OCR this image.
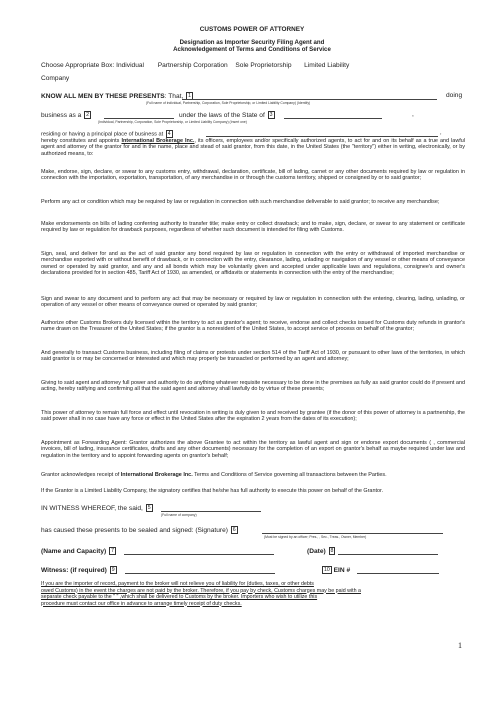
CUSTOMS POWER OF ATTORNEY
Designation as Importer Security Filing Agent and
Acknowledgement of Terms and Conditions of Service
Choose Appropriate Box: Individual Partnership Corporation Sole Proprietorship Limited Liability
Company
KNOW ALL MEN BY THESE PRESENTS: That, 1	doing
(Full name of individual, Partnership, Corporation, Sole Proprietorship, or Limited Liability Company) (Identify)
business as a 2	under the laws of the State of 3	,
(Individual, Partnership, Corporation, Sole Proprietorship, or Limited Liability Company) (Insert one)
residing or having a principal place of business at 4	,
hereby constitutes and appoints International Brokerage Inc., its officers, employees and/or specifically authorized agents, to act for and on its behalf as a true and lawful agent and attorney of the grantor for and in the name, place and stead of said grantor, from this date, in the United States (the "territory") either in writing, electronically, or by authorized means, to:
Make, endorse, sign, declare, or swear to any customs entry, withdrawal, declaration, certificate, bill of lading, carnet or any other documents required by law or regulation in connection with the importation, exportation, transportation, of any merchandise in or through the customs territory, shipped or consigned by or to said grantor;
Perform any act or condition which may be required by law or regulation in connection with such merchandise deliverable to said grantor; to receive any merchandise;
Make endorsements on bills of lading conferring authority to transfer title; make entry or collect drawback; and to make, sign, declare, or swear to any statement or certificate required by law or regulation for drawback purposes, regardless of whether such document is intended for filing with Customs.
Sign, seal, and deliver for and as the act of said grantor any bond required by law or regulation in connection with the entry or withdrawal of imported merchandise or merchandise exported with or without benefit of drawback, or in connection with the entry, clearance, lading, unlading or navigation of any vessel or other means of conveyance owned or operated by said grantor, and any and all bonds which may be voluntarily given and accepted under applicable laws and regulations, consignee's and owner's declarations provided for in section 485, Tariff Act of 1930, as amended, or affidavits or statements in connection with the entry of the merchandise;
Sign and swear to any document and to perform any act that may be necessary or required by law or regulation in connection with the entering, clearing, lading, unlading, or operation of any vessel or other means of conveyance owned or operated by said grantor;
Authorize other Customs Brokers duly licensed within the territory to act as grantor's agent; to receive, endorse and collect checks issued for Customs duty refunds in grantor's name drawn on the Treasurer of the United States; if the grantor is a nonresident of the United States, to accept service of process on behalf of the grantor;
And generally to transact Customs business, including filing of claims or protests under section 514 of the Tariff Act of 1930, or pursuant to other laws of the territories, in which said grantor is or may be concerned or interested and which may properly be transacted or performed by an agent and attorney;
Giving to said agent and attorney full power and authority to do anything whatever requisite necessary to be done in the premises as fully as said grantor could do if present and acting, hereby ratifying and confirming all that the said agent and attorney shall lawfully do by virtue of these presents;
This power of attorney to remain full force and effect until revocation in writing is duly given to and received by grantee (if the donor of this power of attorney is a partnership, the said power shall in no case have any force or effect in the United States after the expiration 2 years from the dates of its execution);
Appointment as Forwarding Agent: Grantor authorizes the above Grantee to act within the territory as lawful agent and sign or endorse export documents ( , commercial invoices, bill of lading, insurance certificates, drafts and any other documents) necessary for the completion of an export on grantor's behalf as maybe required under law and regulation in the territory and to appoint forwarding agents on grantor's behalf;
Grantor acknowledges receipt of International Brokerage Inc. Terms and Conditions of Service governing all transactions between the Parties.
If the Grantor is a Limited Liability Company, the signatory certifies that he/she has full authority to execute this power on behalf of the Grantor.
IN WITNESS WHEREOF, the said, 5
(Full name of company)
has caused these presents to be sealed and signed: (Signature) 6
(Must be signed by an officer; Pres., , Sec., Treas., Owner, Member)
(Name and Capacity) 7	(Date) 8
Witness: (if required) 9	10 EIN #
If you are the importer of record, payment to the broker will not relieve you of liability for (duties, taxes, or other debts
owed Customs) in the event the charges are not paid by the broker. Therefore, if you pay by check, Customs charges may be paid with a
separate check payable to the " " ,which shall be delivered to Customs by the broker. Importers who wish to utilize this
procedure must contact our office in advance to arrange timely receipt of duty checks.
1
